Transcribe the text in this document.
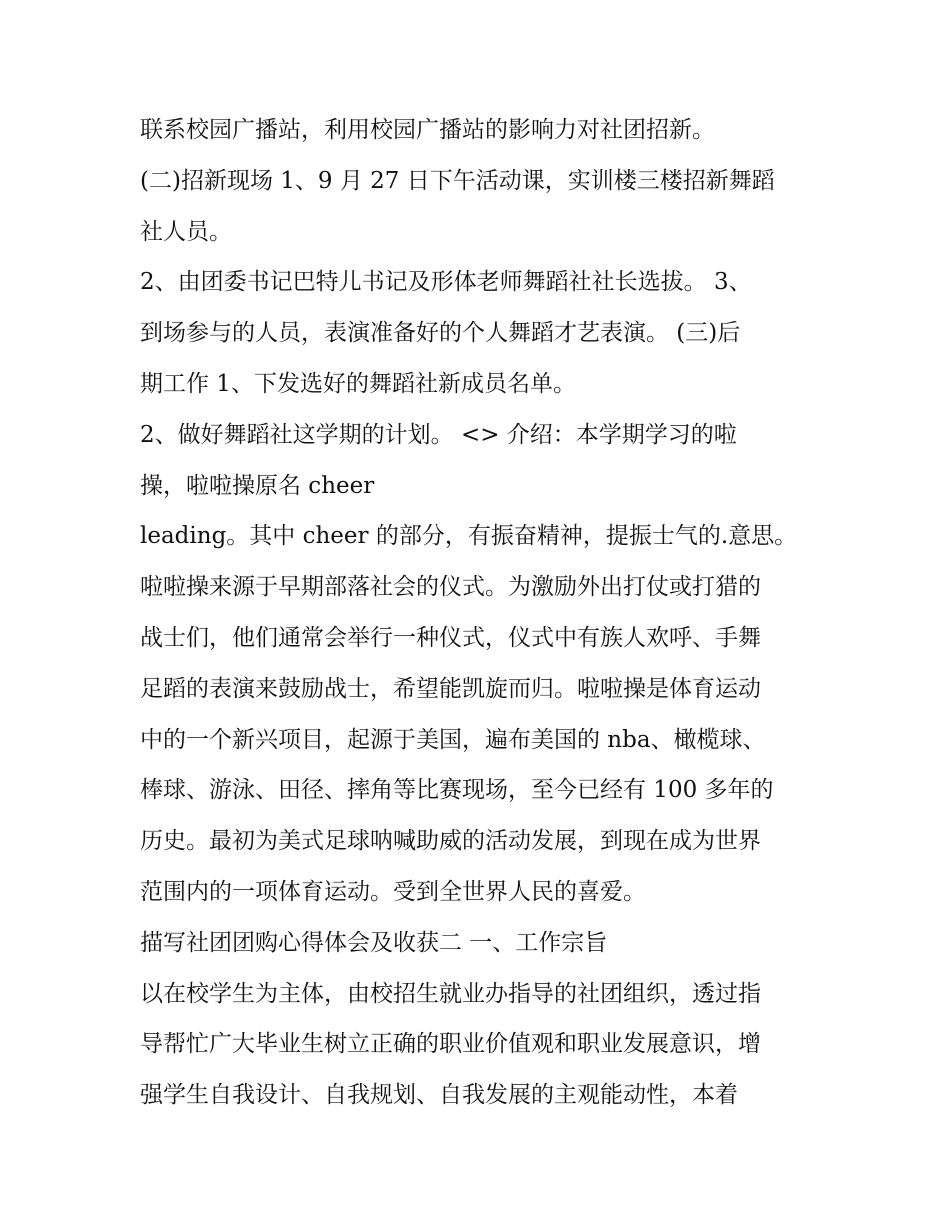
联系校园广播站，利用校园广播站的影响力对社团招新。
(二)招新现场 1、9 月 27 日下午活动课，实训楼三楼招新舞蹈
社人员。
2、由团委书记巴特儿书记及形体老师舞蹈社社长选拔。 3、
到场参与的人员，表演准备好的个人舞蹈才艺表演。 (三)后
期工作 1、下发选好的舞蹈社新成员名单。
2、做好舞蹈社这学期的计划。 <> 介绍：本学期学习的啦
操，啦啦操原名 cheer
leading。其中 cheer 的部分，有振奋精神，提振士气的.意思。
啦啦操来源于早期部落社会的仪式。为激励外出打仗或打猎的
战士们，他们通常会举行一种仪式，仪式中有族人欢呼、手舞
足蹈的表演来鼓励战士，希望能凯旋而归。啦啦操是体育运动
中的一个新兴项目，起源于美国，遍布美国的 nba、橄榄球、
棒球、游泳、田径、摔角等比赛现场，至今已经有 100 多年的
历史。最初为美式足球呐喊助威的活动发展，到现在成为世界
范围内的一项体育运动。受到全世界人民的喜爱。
描写社团团购心得体会及收获二 一、工作宗旨
以在校学生为主体，由校招生就业办指导的社团组织，透过指
导帮忙广大毕业生树立正确的职业价值观和职业发展意识，增
强学生自我设计、自我规划、自我发展的主观能动性，本着
